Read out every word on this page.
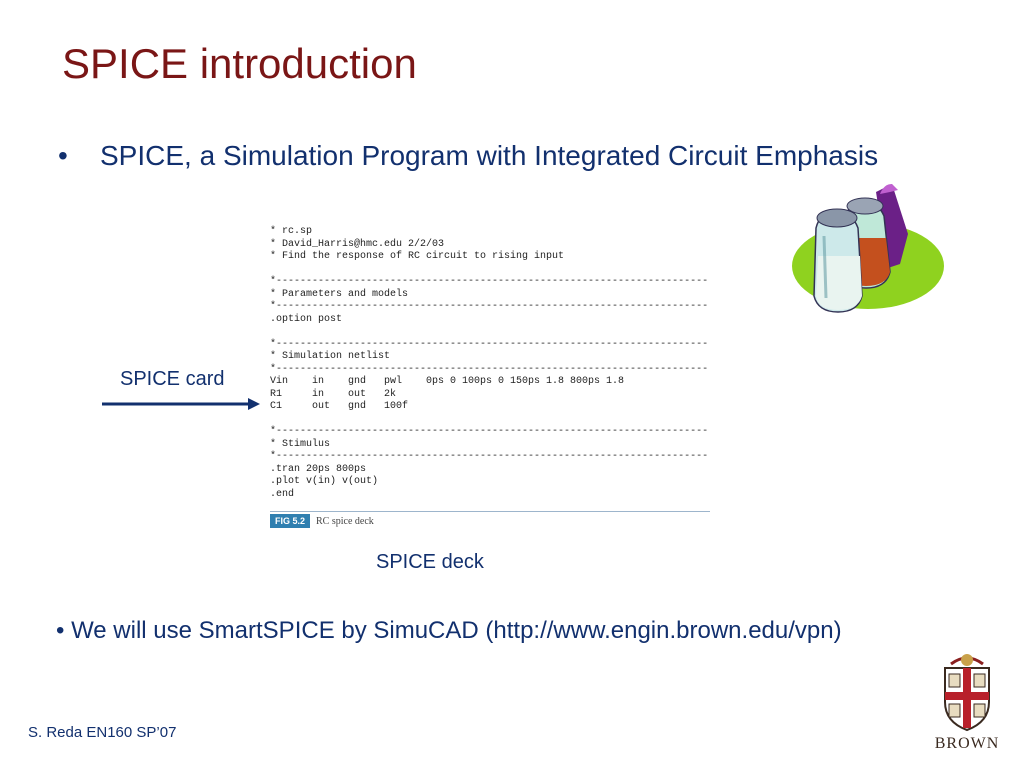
SPICE introduction
•	SPICE, a Simulation Program with Integrated Circuit Emphasis
* rc.sp
* David_Harris@hmc.edu 2/2/03
* Find the response of RC circuit to rising input

*------------------------------------------------------------------------
* Parameters and models
*------------------------------------------------------------------------
.option post

*------------------------------------------------------------------------
* Simulation netlist
*------------------------------------------------------------------------
Vin    in    gnd   pwl    0ps 0 100ps 0 150ps 1.8 800ps 1.8
R1     in    out   2k
C1     out   gnd   100f

*------------------------------------------------------------------------
* Stimulus
*------------------------------------------------------------------------
.tran 20ps 800ps
.plot v(in) v(out)
.end
FIG 5.2	RC spice deck
SPICE card
SPICE deck
• We will use SmartSPICE by SimuCAD (http://www.engin.brown.edu/vpn)
S. Reda EN160 SP’07
BROWN
